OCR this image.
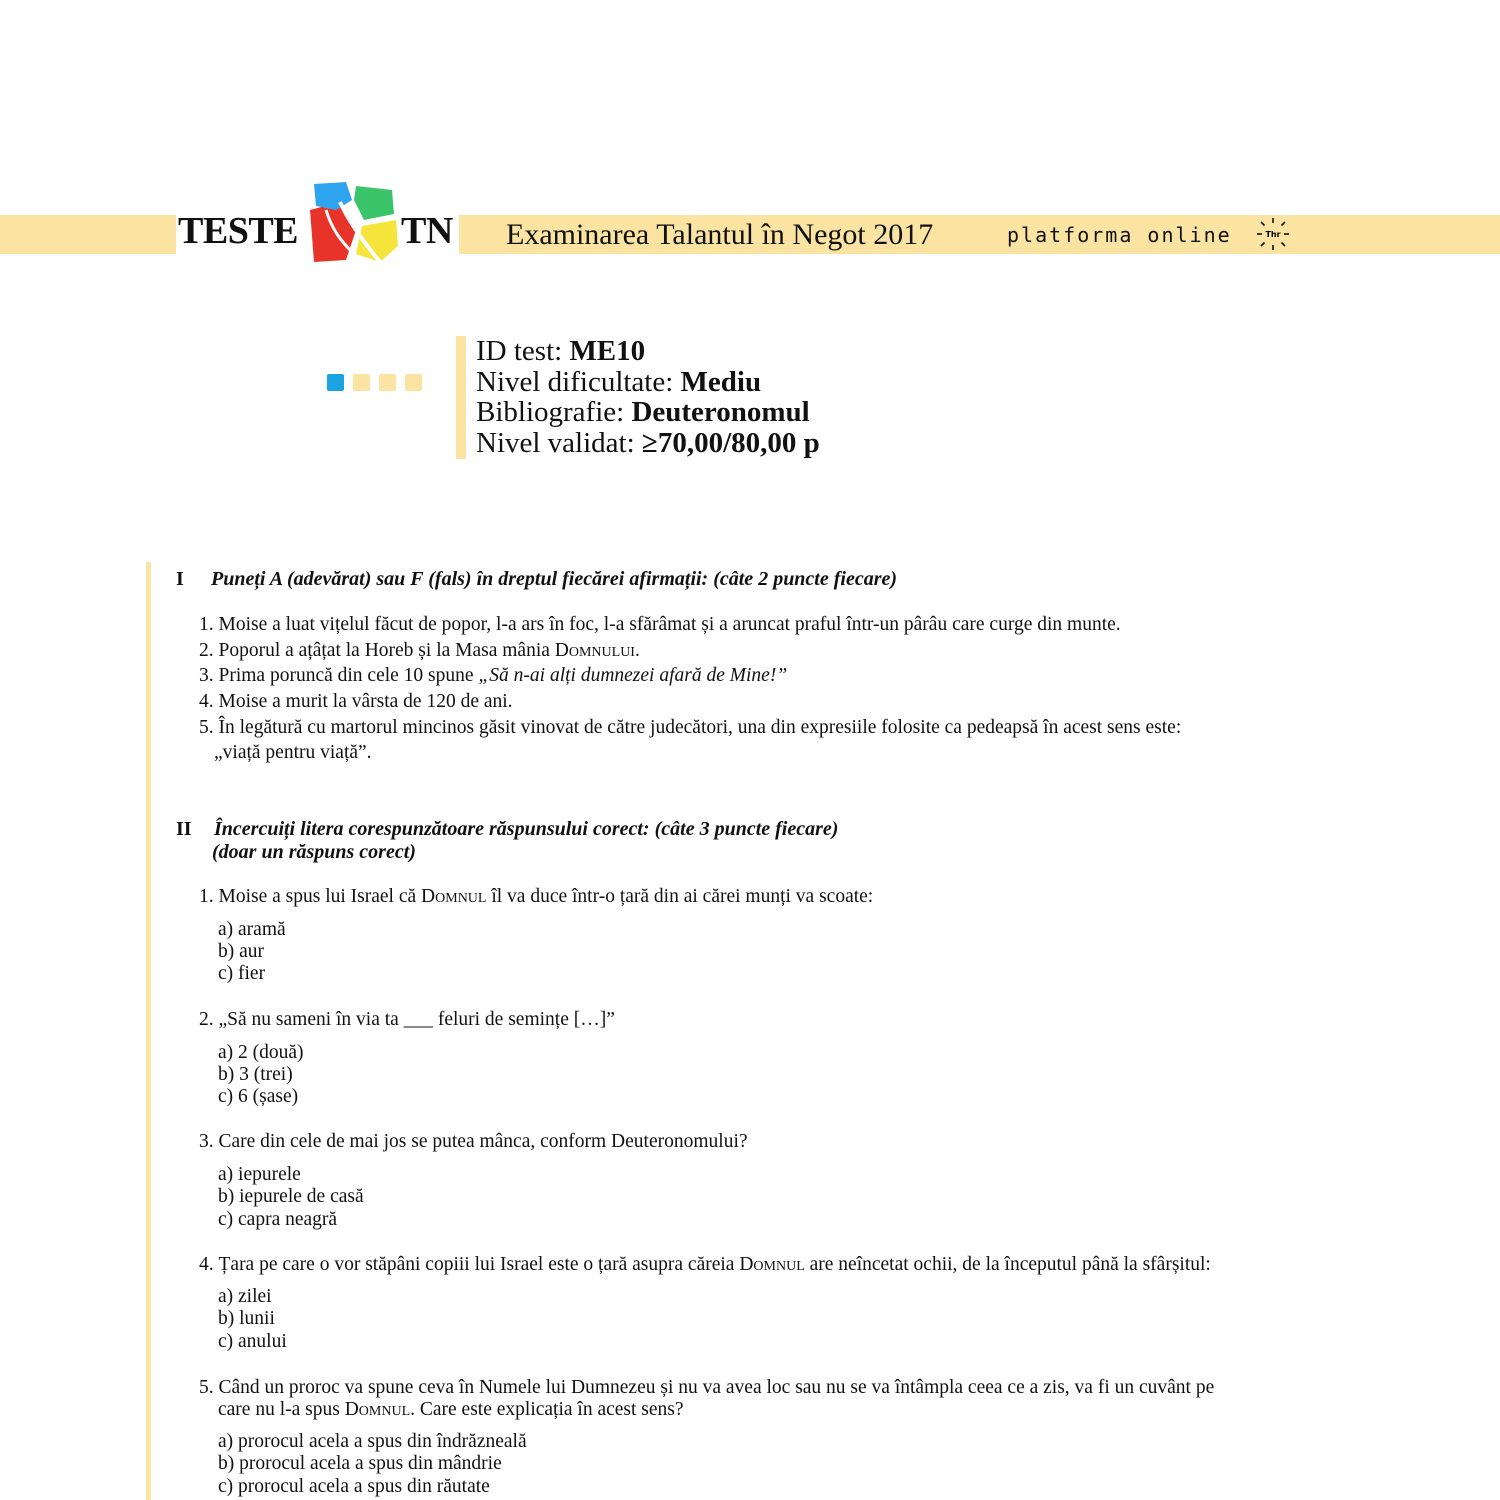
TESTE	TN Examinarea Talantul în Negot 2017	platforma online	Thr
ID test: ME10
Nivel dificultate: Mediu
Bibliografie: Deuteronomul
Nivel validat: ≥70,00/80,00 p
I Puneți A (adevărat) sau F (fals) în dreptul fiecărei afirmații: (câte 2 puncte fiecare)
1. Moise a luat vițelul făcut de popor, l-a ars în foc, l-a sfărâmat și a aruncat praful într-un pârâu care curge din munte.
2. Poporul a ațâțat la Horeb și la Masa mânia Domnului.
3. Prima poruncă din cele 10 spune „Să n-ai alți dumnezei afară de Mine!”
4. Moise a murit la vârsta de 120 de ani.
5. În legătură cu martorul mincinos găsit vinovat de către judecători, una din expresiile folosite ca pedeapsă în acest sens este:
„viață pentru viață”.
II Încercuiți litera corespunzătoare răspunsului corect: (câte 3 puncte fiecare)
(doar un răspuns corect)
1. Moise a spus lui Israel că Domnul îl va duce într-o țară din ai cărei munți va scoate:
a) aramă
b) aur
c) fier
2. „Să nu sameni în via ta ___ feluri de semințe […]”
a) 2 (două)
b) 3 (trei)
c) 6 (șase)
3. Care din cele de mai jos se putea mânca, conform Deuteronomului?
a) iepurele
b) iepurele de casă
c) capra neagră
4. Țara pe care o vor stăpâni copiii lui Israel este o țară asupra căreia Domnul are neîncetat ochii, de la începutul până la sfârșitul:
a) zilei
b) lunii
c) anului
5. Când un proroc va spune ceva în Numele lui Dumnezeu și nu va avea loc sau nu se va întâmpla ceea ce a zis, va fi un cuvânt pe
care nu l-a spus Domnul. Care este explicația în acest sens?
a) prorocul acela a spus din îndrăzneală
b) prorocul acela a spus din mândrie
c) prorocul acela a spus din răutate
